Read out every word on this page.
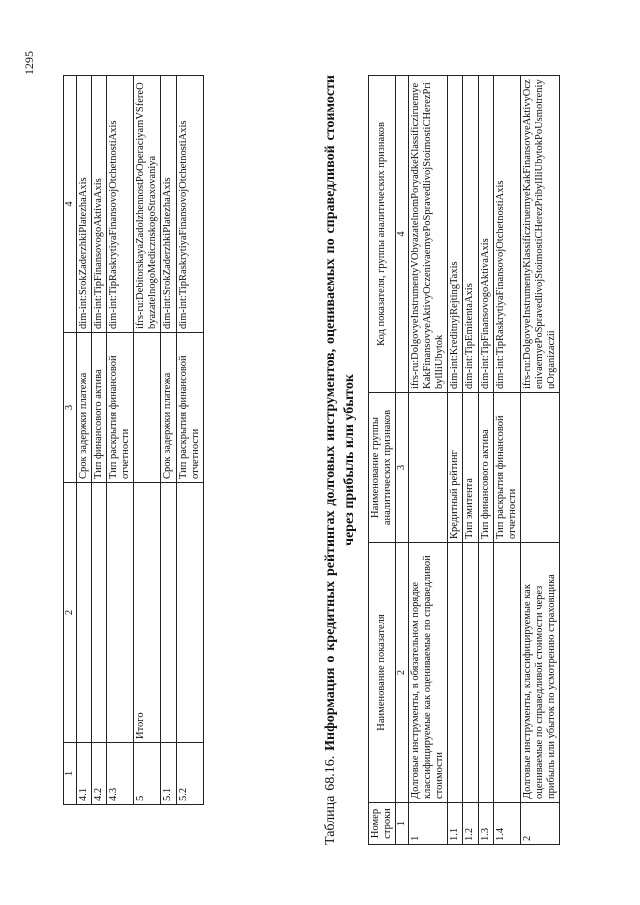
1295
1	2	3	4
4.1		Срок задержки платежа	dim-int:SrokZaderzhkiPlatezhaAxis
4.2		Тип финансового актива	dim-int:TipFinansovogoAktivaAxis
4.3		Тип раскрытия финансовой отчетности	dim-int:TipRaskrytiyaFinansovojOtchetnostiAxis
5	Итого		ifrs-ru:DebitorskayaZadolzhennostPoOperaciyamVSfereObyazatelnogoMedicznskogoStraxovaniya
5.1		Срок задержки платежа	dim-int:SrokZaderzhkiPlatezhaAxis
5.2		Тип раскрытия финансовой отчетности	dim-int:TipRaskrytiyaFinansovojOtchetnostiAxis
Таблица 68.16. Информация о кредитных рейтингах долговых инструментов, оцениваемых по справедливой стоимости через прибыль или убыток
Номер строки	Наименование показателя	Наименование группы аналитических признаков	Код показателя, группы аналитических признаков
1	2	3	4
1	Долговые инструменты, в обязательном порядке классифицируемые как оцениваемые по справедливой стоимости		ifrs-ru:DolgovyeInstrumentyVObyazatelnomPoryadkeKlassificziruemyeKakFinansovyeAktivyOczenivaemyePoSpravedlivojStoimostiCHerezPribylIliUbytok
1.1		Кредитный рейтинг	dim-int:KreditnyjRejtingTaxis
1.2		Тип эмитента	dim-int:TipEmitentaAxis
1.3		Тип финансового актива	dim-int:TipFinansovogoAktivaAxis
1.4		Тип раскрытия финансовой отчетности	dim-int:TipRaskrytiyaFinansovojOtchetnostiAxis
2	Долговые инструменты, классифицируемые как оцениваемые по справедливой стоимости через прибыль или убыток по усмотрению страховщика		ifrs-ru:DolgovyeInstrumentyKlassificziruemyeKakFinansovyeAktivyOczenivaemyePoSpravedlivojStoimostiCHerezPribylIliUbytokPoUsmotreniyuOrganizaczii
